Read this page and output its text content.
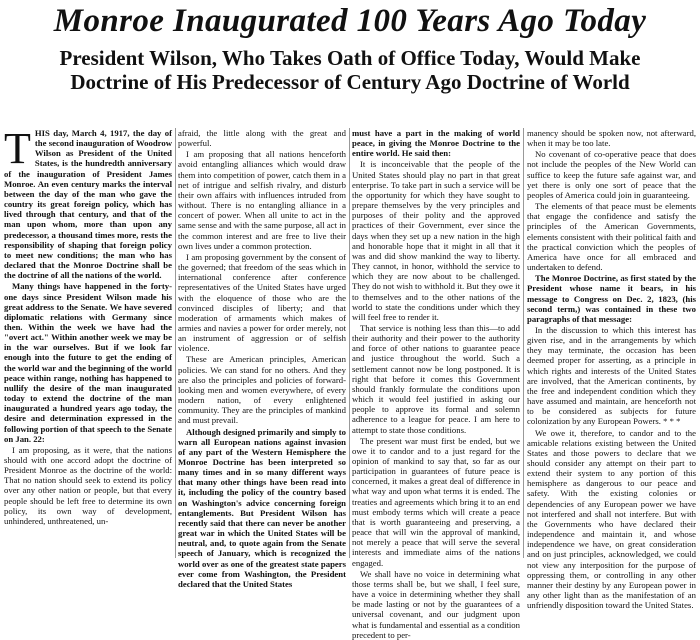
Monroe Inaugurated 100 Years Ago Today
President Wilson, Who Takes Oath of Office Today, Would Make
Doctrine of His Predecessor of Century Ago Doctrine of World

THIS day, March 4, 1917, the day of the second inauguration of Woodrow Wilson as President of the United States, is the hundredth anniversary of the inauguration of President James Monroe. An even century marks the interval between the day of the man who gave the country its great foreign policy, which has lived through that century, and that of the man upon whom, more than upon any predecessor, a thousand times more, rests the responsibility of shaping that foreign policy to meet new conditions; the man who has declared that the Monroe Doctrine shall be the doctrine of all the nations of the world.

Many things have happened in the forty-one days since President Wilson made his great address to the Senate. We have severed diplomatic relations with Germany since then. Within the week we have had the "overt act." Within another week we may be in the war ourselves. But if we look far enough into the future to get the ending of the world war and the beginning of the world peace within range, nothing has happened to nullify the desire of the man inaugurated today to extend the doctrine of the man inaugurated a hundred years ago today, the desire and determination expressed in the following portion of that speech to the Senate on Jan. 22:

I am proposing, as it were, that the nations should with one accord adopt the doctrine of President Monroe as the doctrine of the world: That no nation should seek to extend its policy over any other nation or people, but that every people should be left free to determine its own policy, its own way of development, unhindered, unthreatened, un-

afraid, the little along with the great and powerful.

I am proposing that all nations henceforth avoid entangling alliances which would draw them into competition of power, catch them in a net of intrigue and selfish rivalry, and disturb their own affairs with influences intruded from without. There is no entangling alliance in a concert of power. When all unite to act in the same sense and with the same purpose, all act in the common interest and are free to live their own lives under a common protection.

I am proposing government by the consent of the governed; that freedom of the seas which in international conference after conference representatives of the United States have urged with the eloquence of those who are the convinced disciples of liberty; and that moderation of armaments which makes of armies and navies a power for order merely, not an instrument of aggression or of selfish violence.

These are American principles, American policies. We can stand for no others. And they are also the principles and policies of forward-looking men and women everywhere, of every modern nation, of every enlightened community. They are the principles of mankind and must prevail.

Although designed primarily and simply to warn all European nations against invasion of any part of the Western Hemisphere the Monroe Doctrine has been interpreted so many times and in so many different ways that many other things have been read into it, including the policy of the country based on Washington's advice concerning foreign entanglements. But President Wilson has recently said that there can never be another great war in which the United States will be neutral, and, to quote again from the Senate speech of January, which is recognized the world over as one of the greatest state papers ever come from Washington, the President declared that the United States

must have a part in the making of world peace, in giving the Monroe Doctrine to the entire world. He said then:

It is inconceivable that the people of the United States should play no part in that great enterprise. To take part in such a service will be the opportunity for which they have sought to prepare themselves by the very principles and purposes of their polity and the approved practices of their Government, ever since the days when they set up a new nation in the high and honorable hope that it might in all that it was and did show mankind the way to liberty. They cannot, in honor, withhold the service to which they are now about to be challenged. They do not wish to withhold it. But they owe it to themselves and to the other nations of the world to state the conditions under which they will feel free to render it.

That service is nothing less than this—to add their authority and their power to the authority and force of other nations to guarantee peace and justice throughout the world. Such a settlement cannot now be long postponed. It is right that before it comes this Government should frankly formulate the conditions upon which it would feel justified in asking our people to approve its formal and solemn adherence to a league for peace. I am here to attempt to state those conditions.

The present war must first be ended, but we owe it to candor and to a just regard for the opinion of mankind to say that, so far as our participation in guarantees of future peace is concerned, it makes a great deal of difference in what way and upon what terms it is ended. The treaties and agreements which bring it to an end must embody terms which will create a peace that is worth guaranteeing and preserving, a peace that will win the approval of mankind, not merely a peace that will serve the several interests and immediate aims of the nations engaged.

We shall have no voice in determining what those terms shall be, but we shall, I feel sure, have a voice in determining whether they shall be made lasting or not by the guarantees of a universal covenant, and our judgment upon what is fundamental and essential as a condition precedent to per-

manency should be spoken now, not afterward, when it may be too late.

No covenant of co-operative peace that does not include the peoples of the New World can suffice to keep the future safe against war, and yet there is only one sort of peace that the peoples of America could join in guaranteeing.

The elements of that peace must be elements that engage the confidence and satisfy the principles of the American Governments, elements consistent with their political faith and the practical conviction which the peoples of America have once for all embraced and undertaken to defend.

The Monroe Doctrine, as first stated by the President whose name it bears, in his message to Congress on Dec. 2, 1823, (his second term,) was contained in these two paragraphs of that message:

In the discussion to which this interest has given rise, and in the arrangements by which they may terminate, the occasion has been deemed proper for asserting, as a principle in which rights and interests of the United States are involved, that the American continents, by the free and independent condition which they have assumed and maintain, are henceforth not to be considered as subjects for future colonization by any European Powers. * * *

We owe it, therefore, to candor and to the amicable relations existing between the United States and those powers to declare that we should consider any attempt on their part to extend their system to any portion of this hemisphere as dangerous to our peace and safety. With the existing colonies or dependencies of any European power we have not interfered and shall not interfere. But with the Governments who have declared their independence and maintain it, and whose independence we have, on great consideration and on just principles, acknowledged, we could not view any interposition for the purpose of oppressing them, or controlling in any other manner their destiny by any European power in any other light than as the manifestation of an unfriendly disposition toward the United States.
